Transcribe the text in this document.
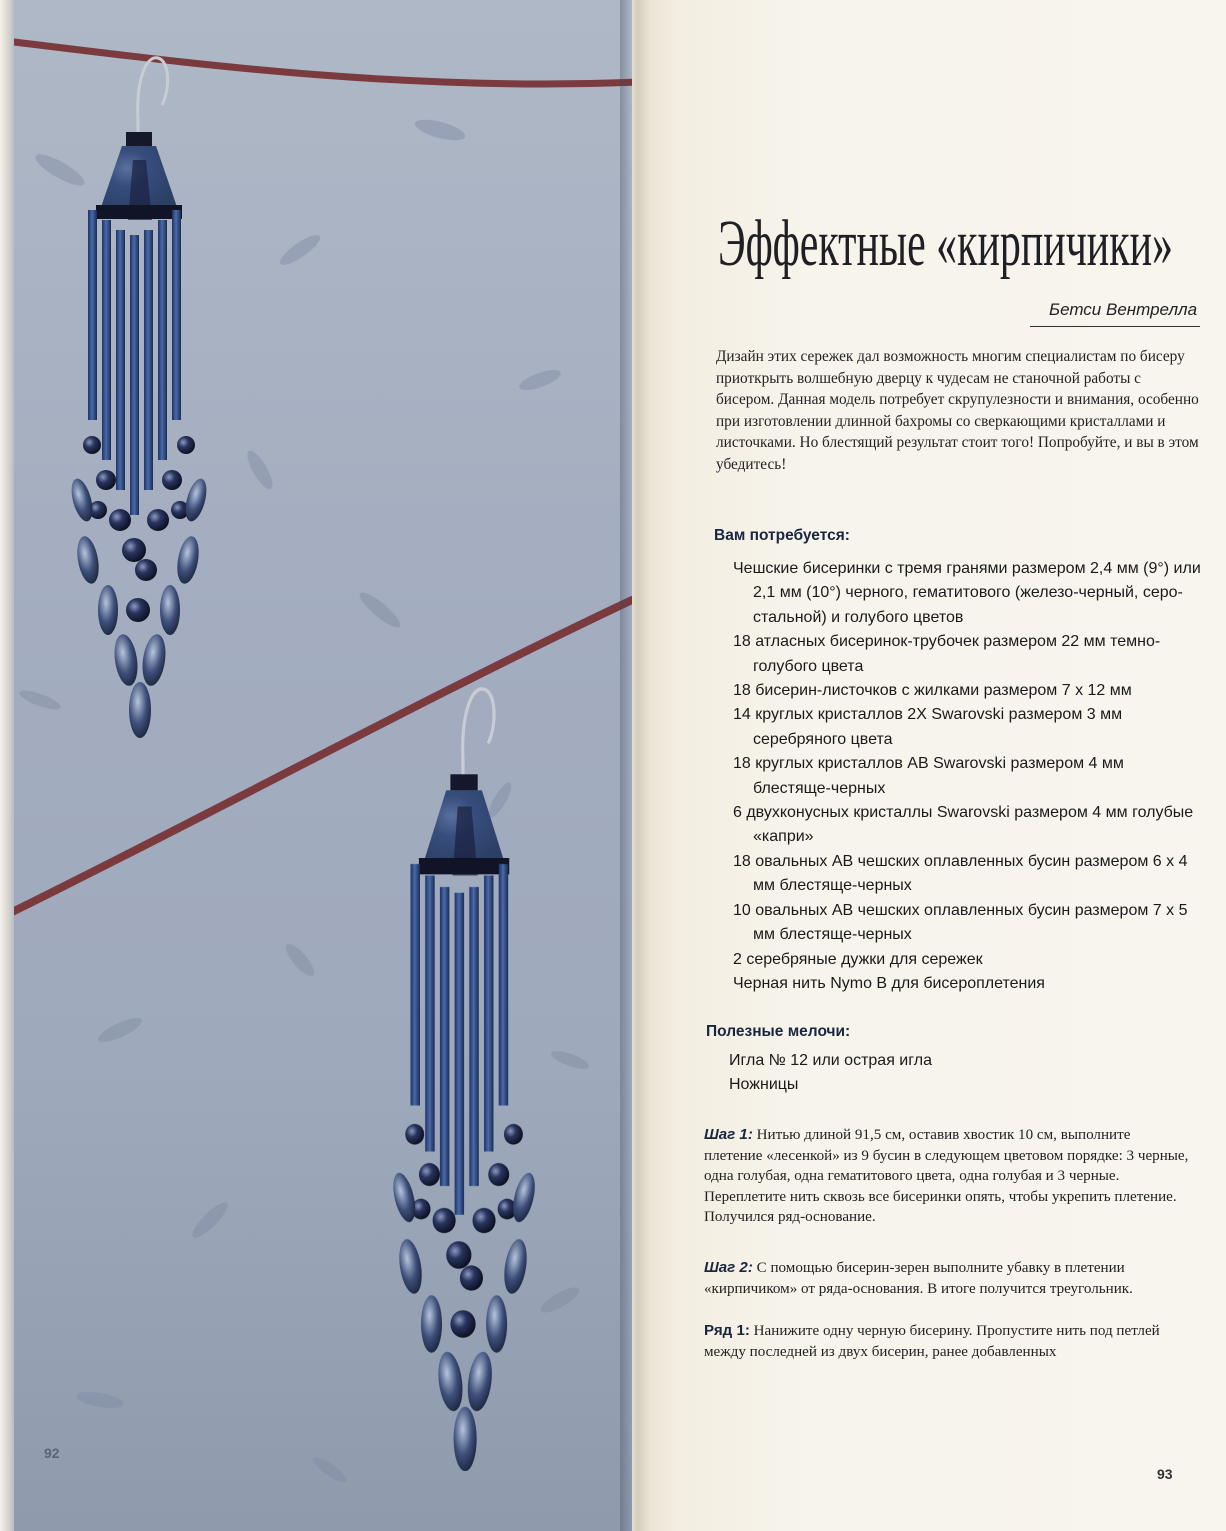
92
Эффектные «кирпичики»
Бетси Вентрелла

Дизайн этих сережек дал возможность многим специалистам по бисеру приоткрыть волшебную дверцу к чудесам не станочной работы с бисером. Данная модель потребует скрупулезности и внимания, особенно при изготовлении длинной бахромы со сверкающими кристаллами и листочками. Но блестящий результат стоит того! Попробуйте, и вы в этом убедитесь!

Вам потребуется:
Чешские бисеринки с тремя гранями размером 2,4 мм (9°) или 2,1 мм (10°) черного, гематитового (железо-черный, серо-стальной) и голубого цветов
18 атласных бисеринок-трубочек размером 22 мм темно-голубого цвета
18 бисерин-листочков с жилками размером 7 х 12 мм
14 круглых кристаллов 2X Swarovski размером 3 мм серебряного цвета
18 круглых кристаллов AB Swarovski размером 4 мм блестяще-черных
6 двухконусных кристаллы Swarovski размером 4 мм голубые «капри»
18 овальных AB чешских оплавленных бусин размером 6 х 4 мм блестяще-черных
10 овальных AB чешских оплавленных бусин размером 7 х 5 мм блестяще-черных
2 серебряные дужки для сережек
Черная нить Nymo B для бисероплетения
Полезные мелочи:
Игла № 12 или острая игла
Ножницы

Шаг 1: Нитью длиной 91,5 см, оставив хвостик 10 см, выполните плетение «лесенкой» из 9 бусин в следующем цветовом порядке: 3 черные, одна голубая, одна гематитового цвета, одна голубая и 3 черные. Переплетите нить сквозь все бисеринки опять, чтобы укрепить плетение. Получился ряд-основание.

Шаг 2: С помощью бисерин-зерен выполните убавку в плетении «кирпичиком» от ряда-основания. В итоге получится треугольник.

Ряд 1: Нанижите одну черную бисерину. Пропустите нить под петлей между последней из двух бисерин, ранее добавленных

93
